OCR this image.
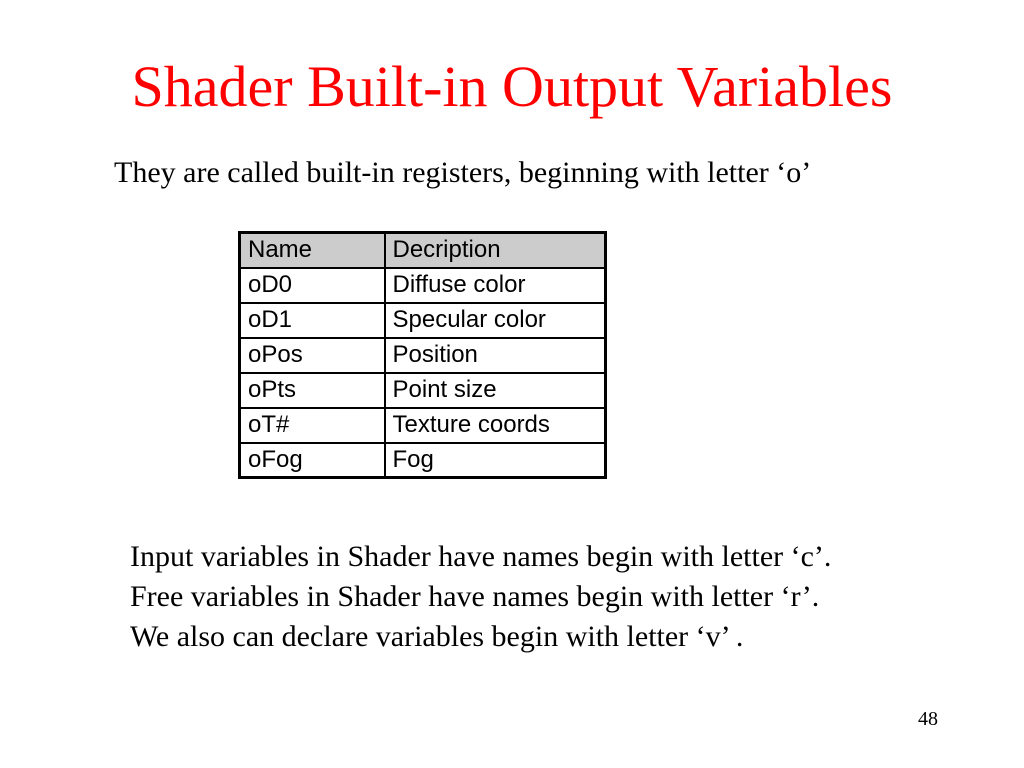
Shader Built-in Output Variables
They are called built-in registers, beginning with letter ‘o’
Name	Decription
oD0	Diffuse color
oD1	Specular color
oPos	Position
oPts	Point size
oT#	Texture coords
oFog	Fog
Input variables in Shader have names begin with letter ‘c’.
Free variables in Shader have names begin with letter ‘r’.
We also can declare variables begin with letter ‘v’ .
48
